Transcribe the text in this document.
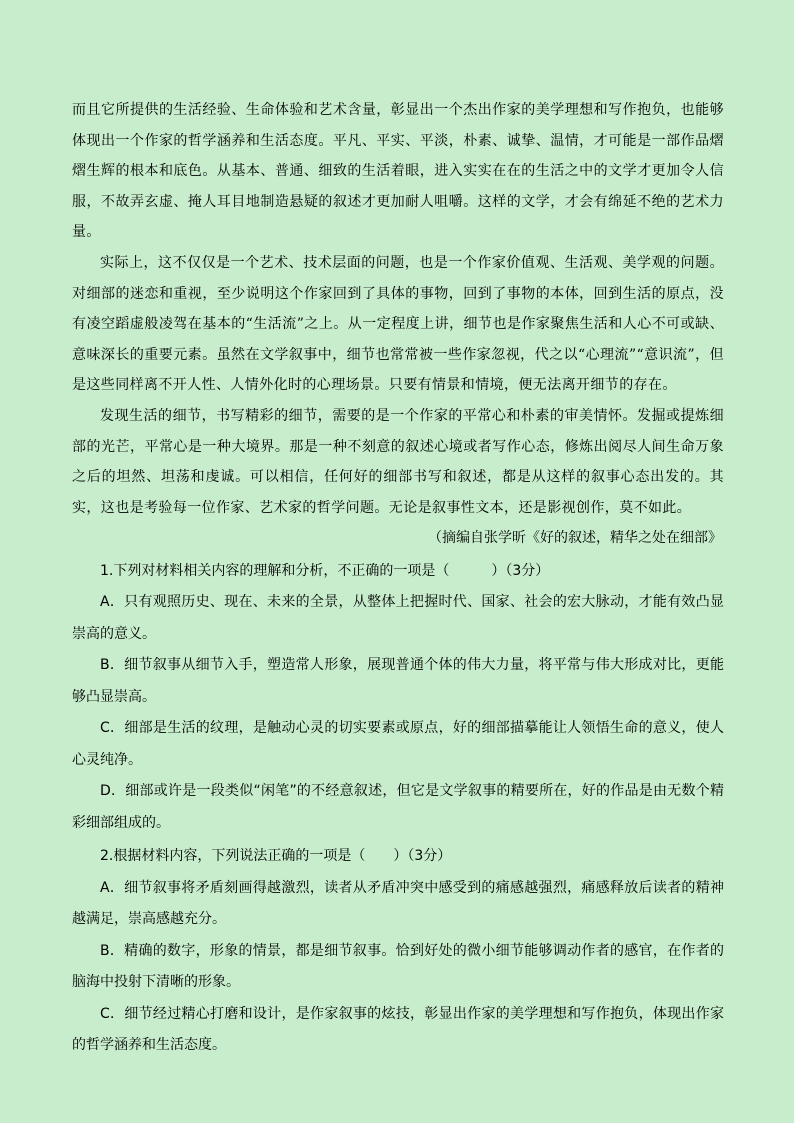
而且它所提供的生活经验、生命体验和艺术含量，彰显出一个杰出作家的美学理想和写作抱负，也能够体现出一个作家的哲学涵养和生活态度。平凡、平实、平淡，朴素、诚挚、温情，才可能是一部作品熠熠生辉的根本和底色。从基本、普通、细致的生活着眼，进入实实在在的生活之中的文学才更加令人信服，不故弄玄虚、掩人耳目地制造悬疑的叙述才更加耐人咀嚼。这样的文学，才会有绵延不绝的艺术力量。

实际上，这不仅仅是一个艺术、技术层面的问题，也是一个作家价值观、生活观、美学观的问题。对细部的迷恋和重视，至少说明这个作家回到了具体的事物，回到了事物的本体，回到生活的原点，没有凌空蹈虚般凌驾在基本的“生活流”之上。从一定程度上讲，细节也是作家聚焦生活和人心不可或缺、意味深长的重要元素。虽然在文学叙事中，细节也常常被一些作家忽视，代之以“心理流”“意识流”，但是这些同样离不开人性、人情外化时的心理场景。只要有情景和情境，便无法离开细节的存在。

发现生活的细节，书写精彩的细节，需要的是一个作家的平常心和朴素的审美情怀。发掘或提炼细部的光芒，平常心是一种大境界。那是一种不刻意的叙述心境或者写作心态，修炼出阅尽人间生命万象之后的坦然、坦荡和虔诚。可以相信，任何好的细部书写和叙述，都是从这样的叙事心态出发的。其实，这也是考验每一位作家、艺术家的哲学问题。无论是叙事性文本，还是影视创作，莫不如此。

（摘编自张学昕《好的叙述，精华之处在细部》

1.下列对材料相关内容的理解和分析，不正确的一项是（　　　）（3分）

A．只有观照历史、现在、未来的全景，从整体上把握时代、国家、社会的宏大脉动，才能有效凸显崇高的意义。

B．细节叙事从细节入手，塑造常人形象，展现普通个体的伟大力量，将平常与伟大形成对比，更能够凸显崇高。

C．细部是生活的纹理，是触动心灵的切实要素或原点，好的细部描摹能让人领悟生命的意义，使人心灵纯净。

D．细部或许是一段类似“闲笔”的不经意叙述，但它是文学叙事的精要所在，好的作品是由无数个精彩细部组成的。

2.根据材料内容，下列说法正确的一项是（　　）（3分）

A．细节叙事将矛盾刻画得越激烈，读者从矛盾冲突中感受到的痛感越强烈，痛感释放后读者的精神越满足，崇高感越充分。

B．精确的数字，形象的情景，都是细节叙事。恰到好处的微小细节能够调动作者的感官，在作者的脑海中投射下清晰的形象。

C．细节经过精心打磨和设计，是作家叙事的炫技，彰显出作家的美学理想和写作抱负，体现出作家的哲学涵养和生活态度。
